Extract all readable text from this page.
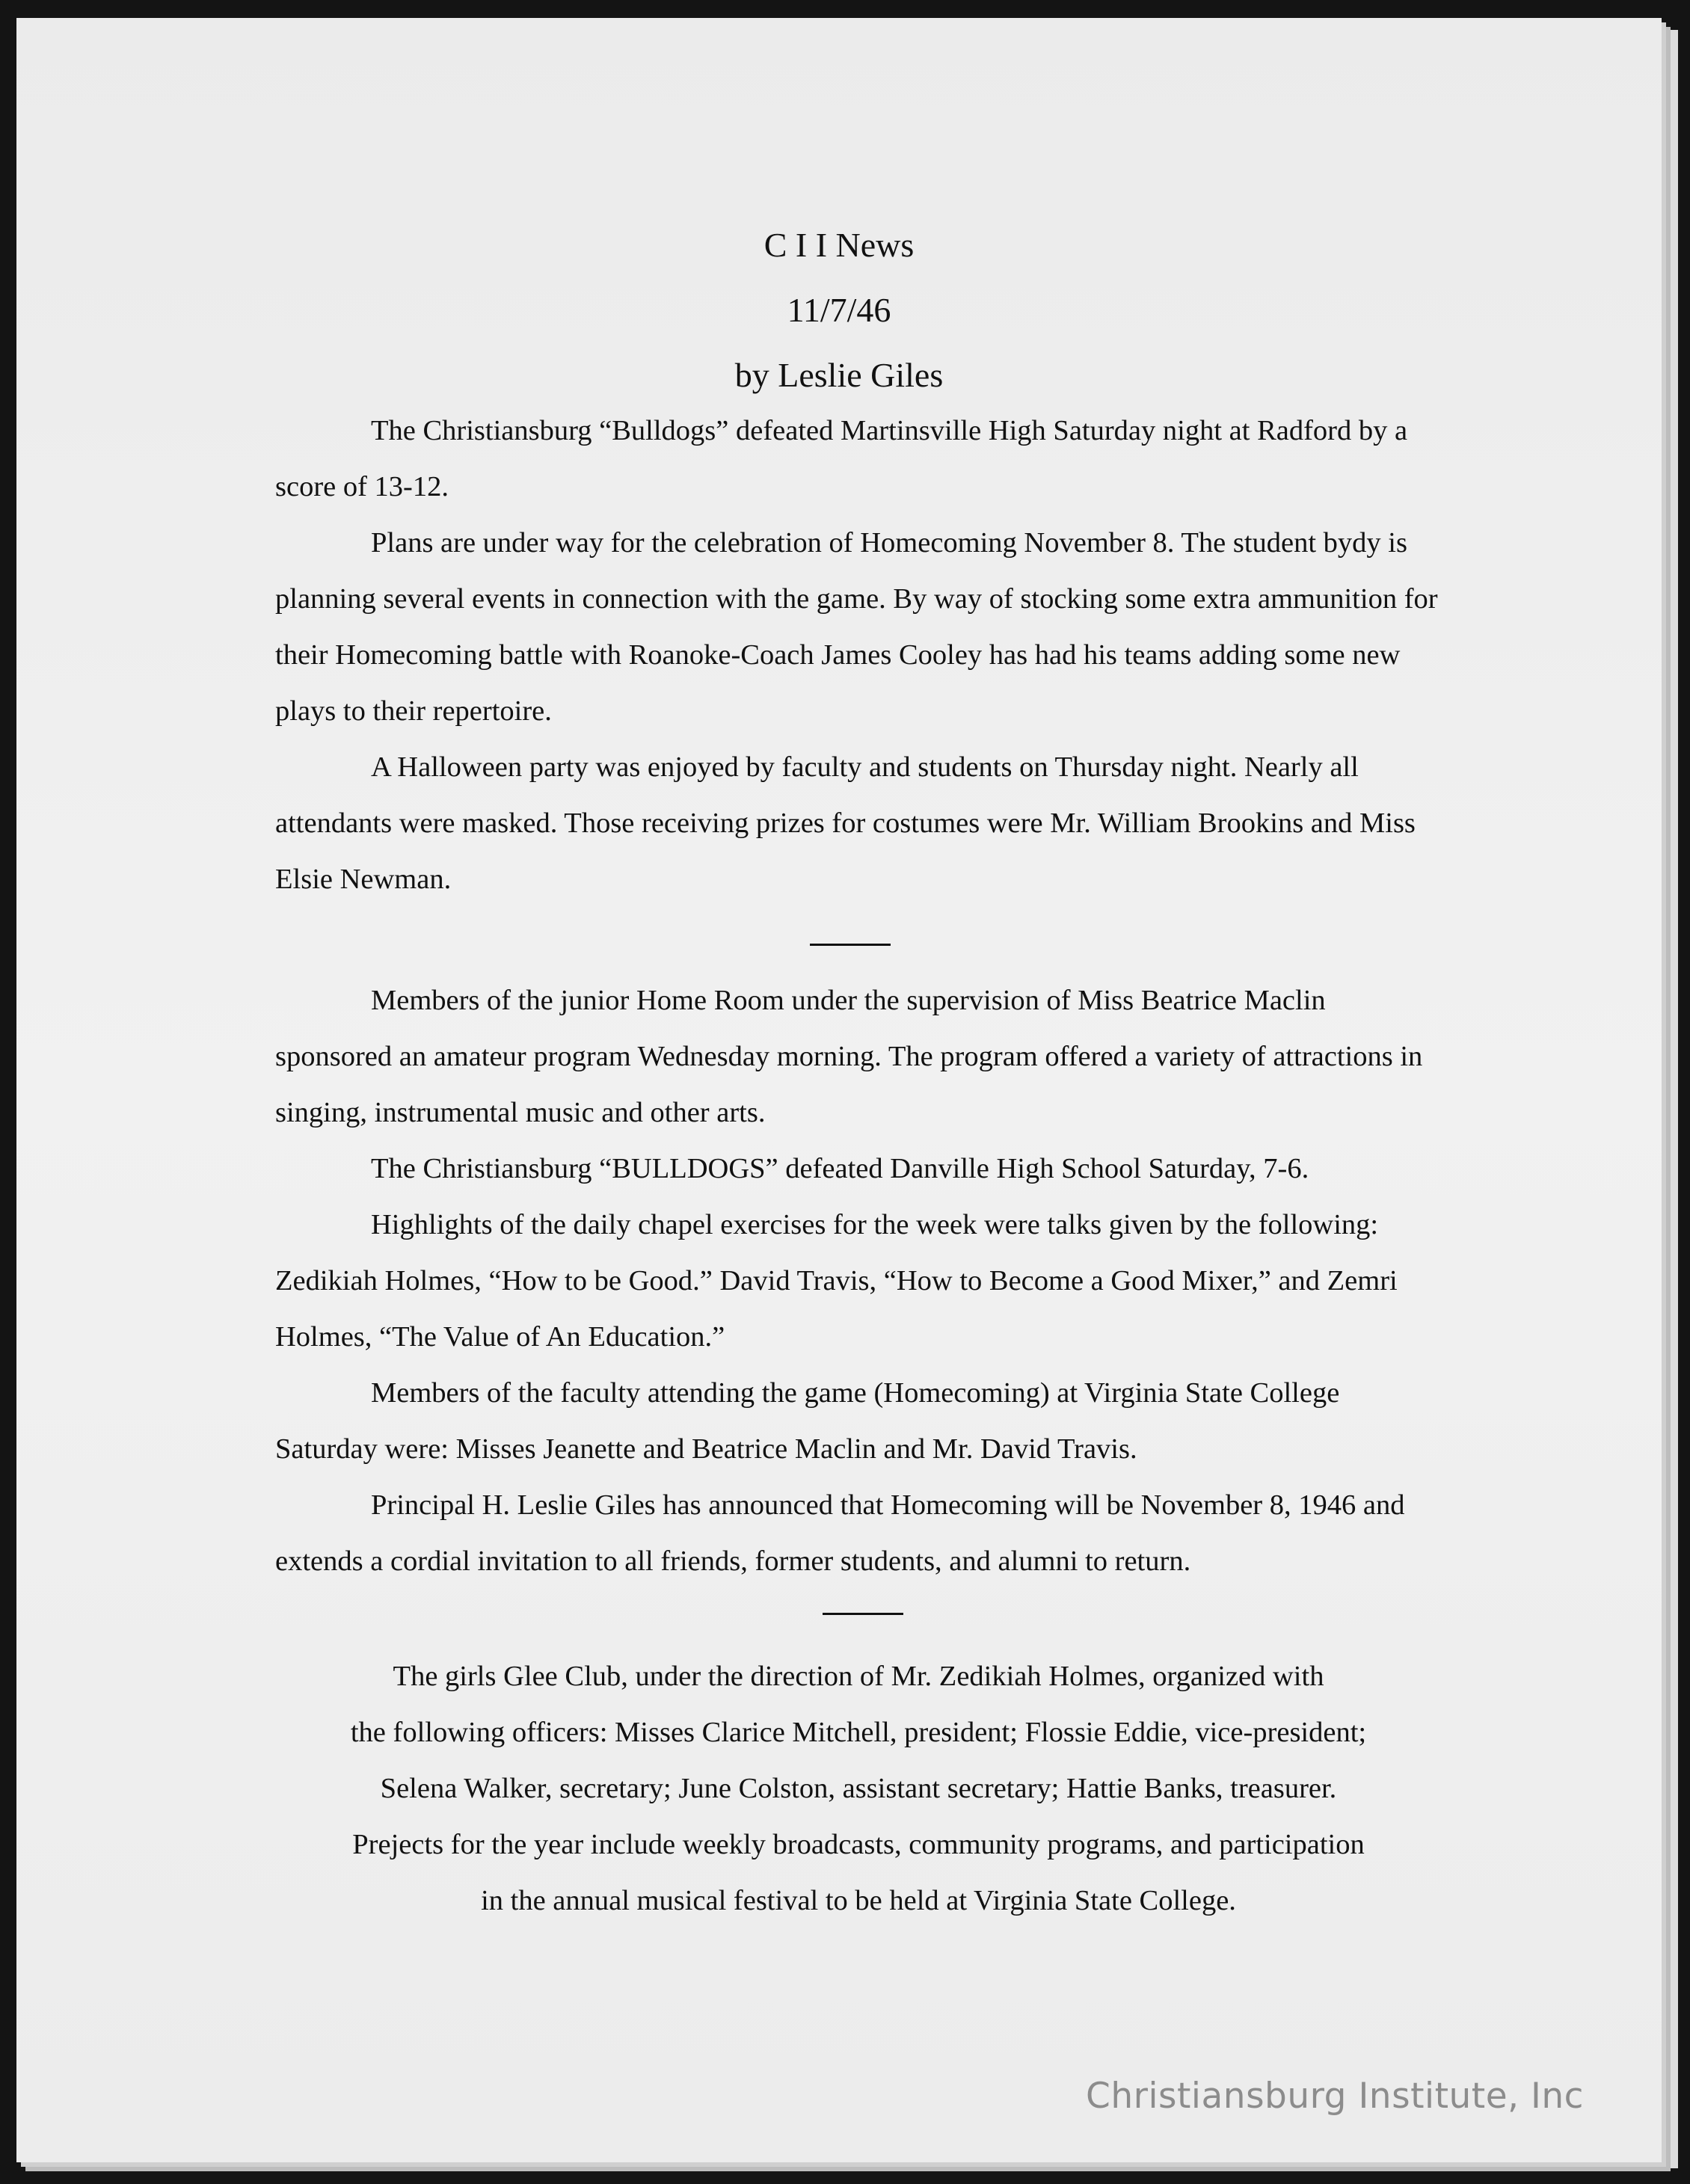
C I I News
11/7/46
by Leslie Giles

The Christiansburg “Bulldogs” defeated Martinsville High Saturday night at Radford by a score of 13-12.

Plans are under way for the celebration of Homecoming November 8. The student bydy is planning several events in connection with the game. By way of stocking some extra ammunition for their Homecoming battle with Roanoke-Coach James Cooley has had his teams adding some new plays to their repertoire.

A Halloween party was enjoyed by faculty and students on Thursday night. Nearly all attendants were masked. Those receiving prizes for costumes were Mr. William Brookins and Miss Elsie Newman.

Members of the junior Home Room under the supervision of Miss Beatrice Maclin sponsored an amateur program Wednesday morning. The program offered a variety of attractions in singing, instrumental music and other arts.

The Christiansburg “BULLDOGS” defeated Danville High School Saturday, 7-6.

Highlights of the daily chapel exercises for the week were talks given by the following: Zedikiah Holmes, “How to be Good.” David Travis, “How to Become a Good Mixer,” and Zemri Holmes, “The Value of An Education.”

Members of the faculty attending the game (Homecoming) at Virginia State College Saturday were: Misses Jeanette and Beatrice Maclin and Mr. David Travis.

Principal H. Leslie Giles has announced that Homecoming will be November 8, 1946 and extends a cordial invitation to all friends, former students, and alumni to return.

The girls Glee Club, under the direction of Mr. Zedikiah Holmes, organized with
the following officers: Misses Clarice Mitchell, president; Flossie Eddie, vice-president;
Selena Walker, secretary; June Colston, assistant secretary; Hattie Banks, treasurer.
Prejects for the year include weekly broadcasts, community programs, and participation
in the annual musical festival to be held at Virginia State College.
Christiansburg Institute, Inc
